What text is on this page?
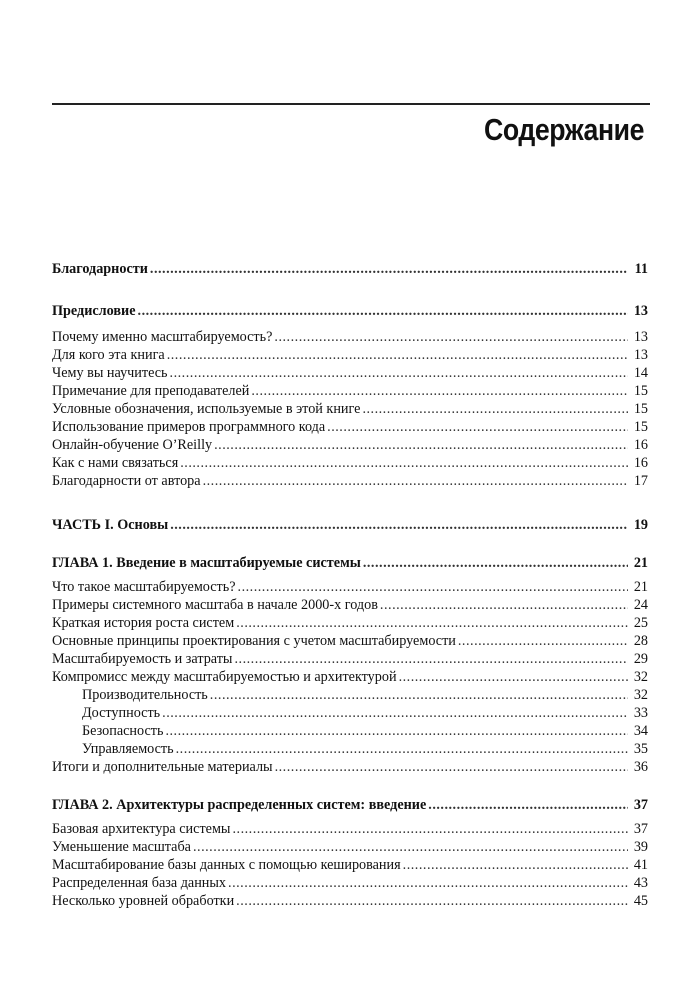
Содержание
Благодарности .....	11
Предисловие .....	13
Почему именно масштабируемость? .....	13
Для кого эта книга .....	13
Чему вы научитесь .....	14
Примечание для преподавателей .....	15
Условные обозначения, используемые в этой книге .....	15
Использование примеров программного кода .....	15
Онлайн-обучение O’Reilly .....	16
Как с нами связаться .....	16
Благодарности от автора .....	17
ЧАСТЬ I. Основы .....	19
ГЛАВА 1. Введение в масштабируемые системы .....	21
Что такое масштабируемость? .....	21
Примеры системного масштаба в начале 2000-х годов .....	24
Краткая история роста систем .....	25
Основные принципы проектирования с учетом масштабируемости .....	28
Масштабируемость и затраты .....	29
Компромисс между масштабируемостью и архитектурой .....	32
Производительность .....	32
Доступность .....	33
Безопасность .....	34
Управляемость .....	35
Итоги и дополнительные материалы .....	36
ГЛАВА 2. Архитектуры распределенных систем: введение .....	37
Базовая архитектура системы .....	37
Уменьшение масштаба .....	39
Масштабирование базы данных с помощью кеширования .....	41
Распределенная база данных .....	43
Несколько уровней обработки .....	45
